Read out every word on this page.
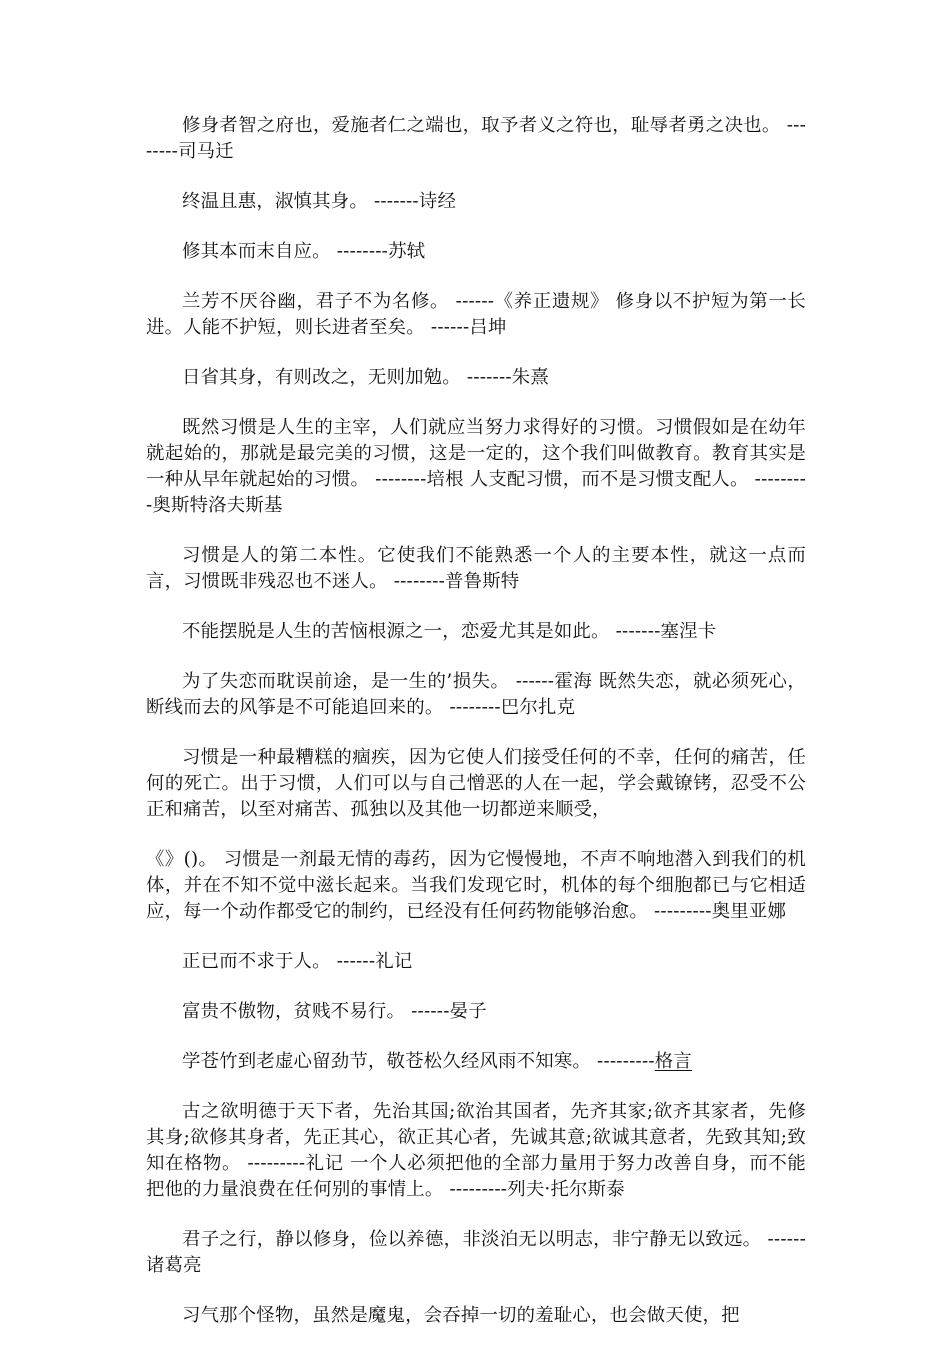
修身者智之府也，爱施者仁之端也，取予者义之符也，耻辱者勇之决也。 --------司马迁

终温且惠，淑慎其身。 -------诗经

修其本而末自应。 --------苏轼

兰芳不厌谷幽，君子不为名修。 ------《养正遗规》 修身以不护短为第一长进。人能不护短，则长进者至矣。 ------吕坤

日省其身，有则改之，无则加勉。 -------朱熹

既然习惯是人生的主宰，人们就应当努力求得好的习惯。习惯假如是在幼年就起始的，那就是最完美的习惯，这是一定的，这个我们叫做教育。教育其实是一种从早年就起始的习惯。 --------培根 人支配习惯，而不是习惯支配人。 ---------奥斯特洛夫斯基

习惯是人的第二本性。它使我们不能熟悉一个人的主要本性，就这一点而言，习惯既非残忍也不迷人。 --------普鲁斯特

不能摆脱是人生的苦恼根源之一，恋爱尤其是如此。 -------塞涅卡

为了失恋而耽误前途，是一生的’损失。 ------霍海 既然失恋，就必须死心，断线而去的风筝是不可能追回来的。 --------巴尔扎克

习惯是一种最糟糕的痼疾，因为它使人们接受任何的不幸，任何的痛苦，任何的死亡。出于习惯，人们可以与自己憎恶的人在一起，学会戴镣铐，忍受不公正和痛苦，以至对痛苦、孤独以及其他一切都逆来顺受，

《》()。 习惯是一剂最无情的毒药，因为它慢慢地，不声不响地潜入到我们的机体，并在不知不觉中滋长起来。当我们发现它时，机体的每个细胞都已与它相适应，每一个动作都受它的制约，已经没有任何药物能够治愈。 ---------奥里亚娜

正已而不求于人。 ------礼记

富贵不傲物，贫贱不易行。 ------晏子

学苍竹到老虚心留劲节，敬苍松久经风雨不知寒。 ---------格言

古之欲明德于天下者，先治其国;欲治其国者，先齐其家;欲齐其家者，先修其身;欲修其身者，先正其心，欲正其心者，先诚其意;欲诚其意者，先致其知;致知在格物。 ---------礼记 一个人必须把他的全部力量用于努力改善自身，而不能把他的力量浪费在任何别的事情上。 ---------列夫·托尔斯泰

君子之行，静以修身，俭以养德，非淡泊无以明志，非宁静无以致远。 ------诸葛亮

习气那个怪物，虽然是魔鬼，会吞掉一切的羞耻心，也会做天使，把
